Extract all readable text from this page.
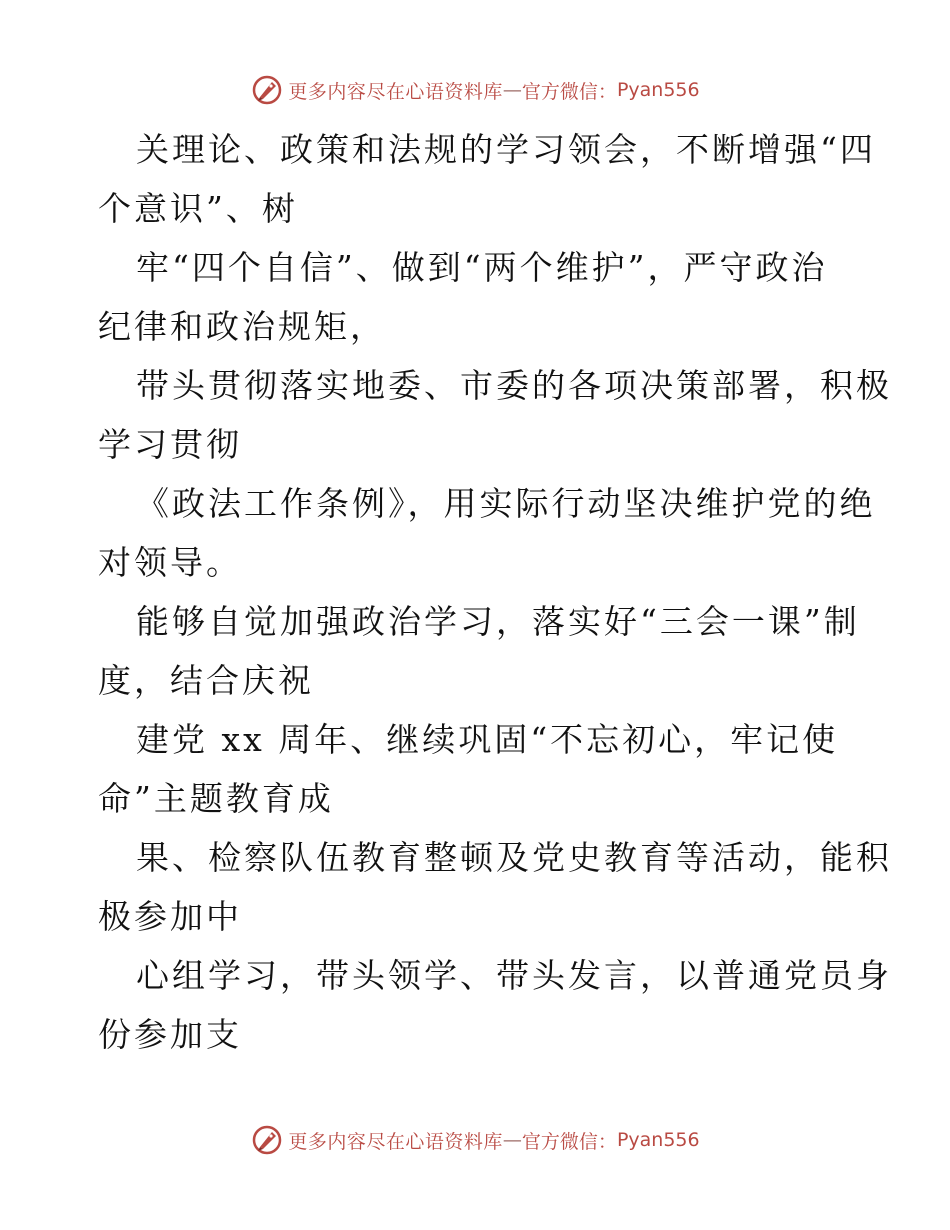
更多内容尽在心语资料库 — 官方微信： Pyan556

关理论、政策和法规的学习领会，不断增强“四
个意识”、树

牢“四个自信”、做到“两个维护”，严守政治
纪律和政治规矩，

带头贯彻落实地委、市委的各项决策部署，积极
学习贯彻

《政法工作条例》，用实际行动坚决维护党的绝
对领导。

能够自觉加强政治学习，落实好“三会一课”制
度，结合庆祝

建党 xx 周年、继续巩固“不忘初心，牢记使
命”主题教育成

果、检察队伍教育整顿及党史教育等活动，能积
极参加中

心组学习，带头领学、带头发言，以普通党员身
份参加支

更多内容尽在心语资料库 — 官方微信： Pyan556
